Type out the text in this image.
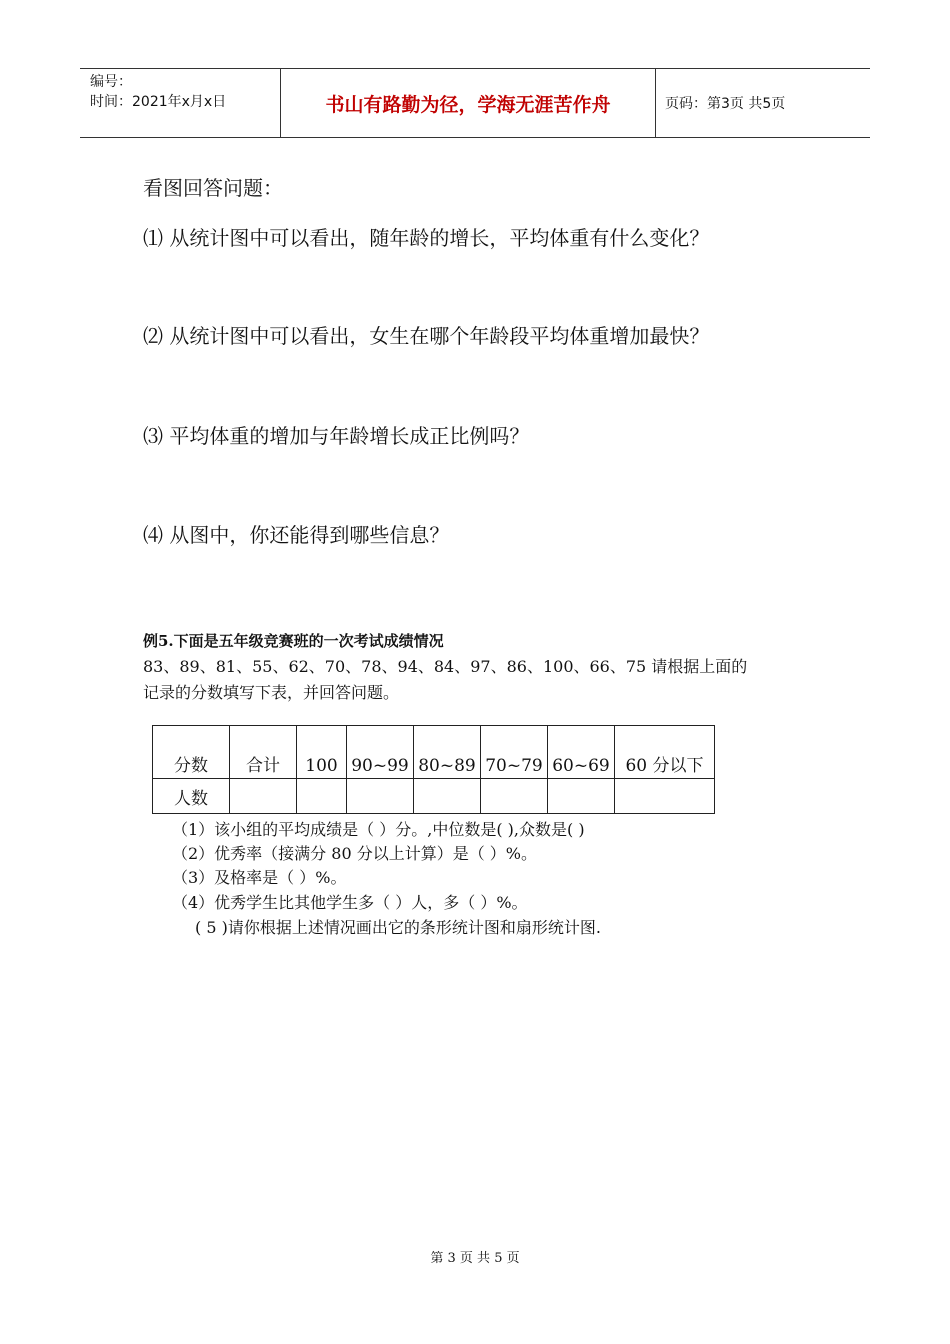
编号：
时间：2021年x月x日	书山有路勤为径，学海无涯苦作舟	页码：第3页 共5页
看图回答问题：
⑴ 从统计图中可以看出，随年龄的增长，平均体重有什么变化？
⑵ 从统计图中可以看出，女生在哪个年龄段平均体重增加最快？
⑶ 平均体重的增加与年龄增长成正比例吗？
⑷ 从图中，你还能得到哪些信息？
例5.下面是五年级竞赛班的一次考试成绩情况
83、89、81、55、62、70、78、94、84、97、86、100、66、75 请根据上面的
记录的分数填写下表，并回答问题。
分数	合计	100	90~99	80~89	70~79	60~69	60 分以下
人数							
（1）该小组的平均成绩是（ ）分。,中位数是( ),众数是( )
（2）优秀率（接满分 80 分以上计算）是（ ）%。
（3）及格率是（ ）%。
（4）优秀学生比其他学生多（ ）人，多（ ）%。
( 5 )请你根据上述情况画出它的条形统计图和扇形统计图.
第 3 页 共 5 页
